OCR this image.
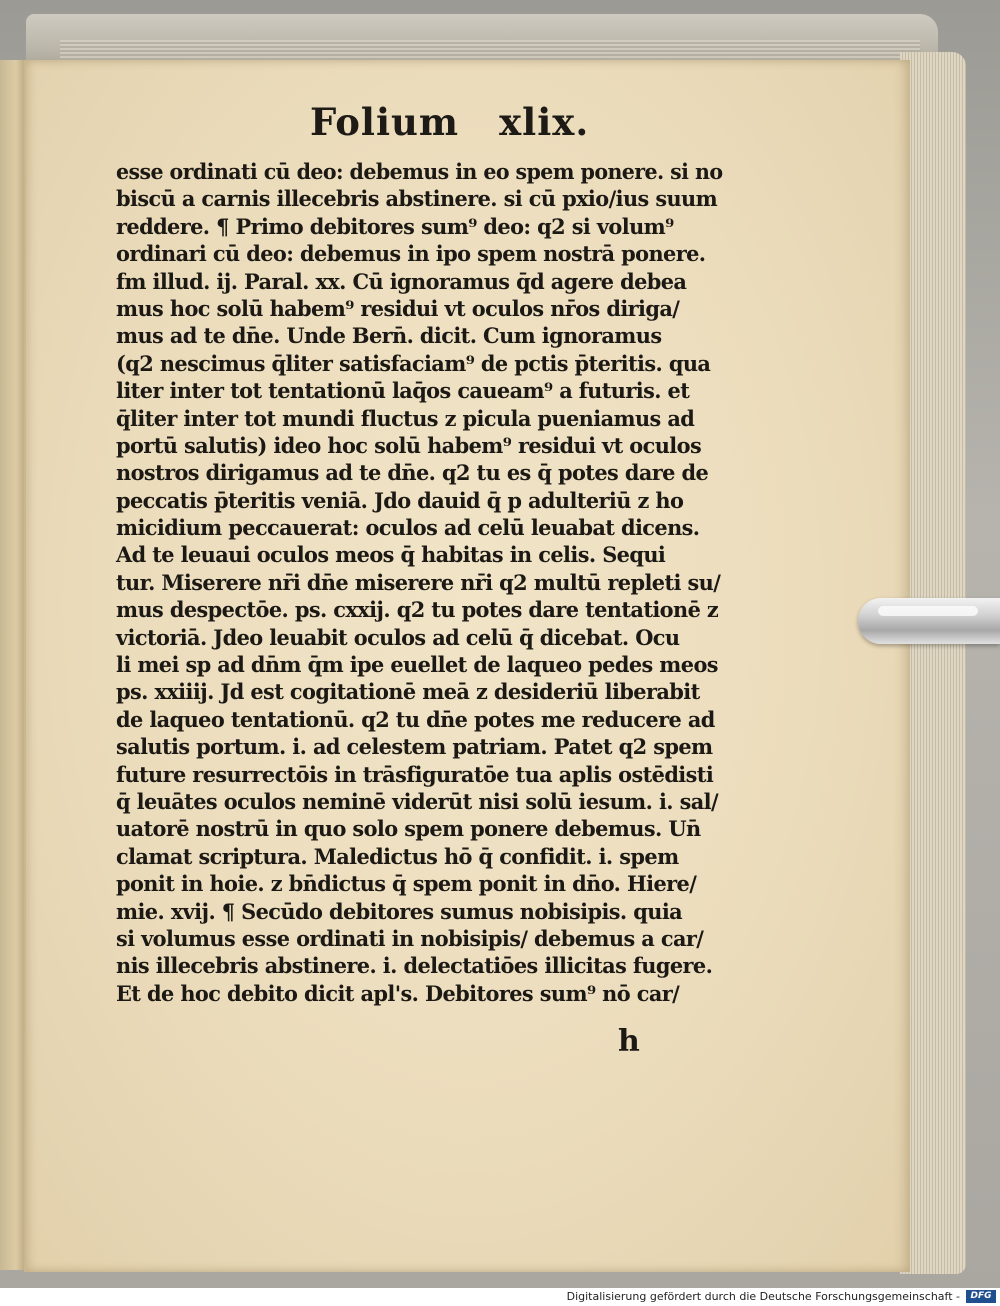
Folium xlix.
esse ordinati cū deo: debemus in eo spem ponere. si no
biscū a carnis illecebris abstinere. si cū pxio/ius suum
reddere. ¶ Primo debitores sum⁹ deo: q2 si volum⁹
ordinari cū deo: debemus in ipo spem nostrā ponere.
fm illud. ij. Paral. xx. Cū ignoramus q̄d agere debea
mus hoc solū habem⁹ residui vt oculos nr̄os diriga/
mus ad te dn̄e. Unde Bern̄. dicit. Cum ignoramus
(q2 nescimus q̄liter satisfaciam⁹ de pctis p̄teritis. qua
liter inter tot tentationū laq̄os caueam⁹ a futuris. et
q̄liter inter tot mundi fluctus z picula pueniamus ad
portū salutis) ideo hoc solū habem⁹ residui vt oculos
nostros dirigamus ad te dn̄e. q2 tu es q̄ potes dare de
peccatis p̄teritis veniā. Jdo dauid q̄ p adulteriū z ho
micidium peccauerat: oculos ad celū leuabat dicens.
Ad te leuaui oculos meos q̄ habitas in celis. Sequi
tur. Miserere nr̄i dn̄e miserere nr̄i q2 multū repleti su/
mus despectōe. ps. cxxij. q2 tu potes dare tentationē z
victoriā. Jdeo leuabit oculos ad celū q̄ dicebat. Ocu
li mei sp ad dn̄m q̄m ipe euellet de laqueo pedes meos
ps. xxiiij. Jd est cogitationē meā z desideriū liberabit
de laqueo tentationū. q2 tu dn̄e potes me reducere ad
salutis portum. i. ad celestem patriam. Patet q2 spem
future resurrectōis in trāsfiguratōe tua aplis ostēdisti
q̄ leuātes oculos neminē viderūt nisi solū iesum. i. sal/
uatorē nostrū in quo solo spem ponere debemus. Un̄
clamat scriptura. Maledictus hō q̄ confidit. i. spem
ponit in hoie. z bn̄dictus q̄ spem ponit in dn̄o. Hiere/
mie. xvij. ¶ Secūdo debitores sumus nobisipis. quia
si volumus esse ordinati in nobisipis/ debemus a car/
nis illecebris abstinere. i. delectatiōes illicitas fugere.
Et de hoc debito dicit apl's. Debitores sum⁹ nō car/
h
Digitalisierung gefördert durch die Deutsche Forschungsgemeinschaft -	DFG
